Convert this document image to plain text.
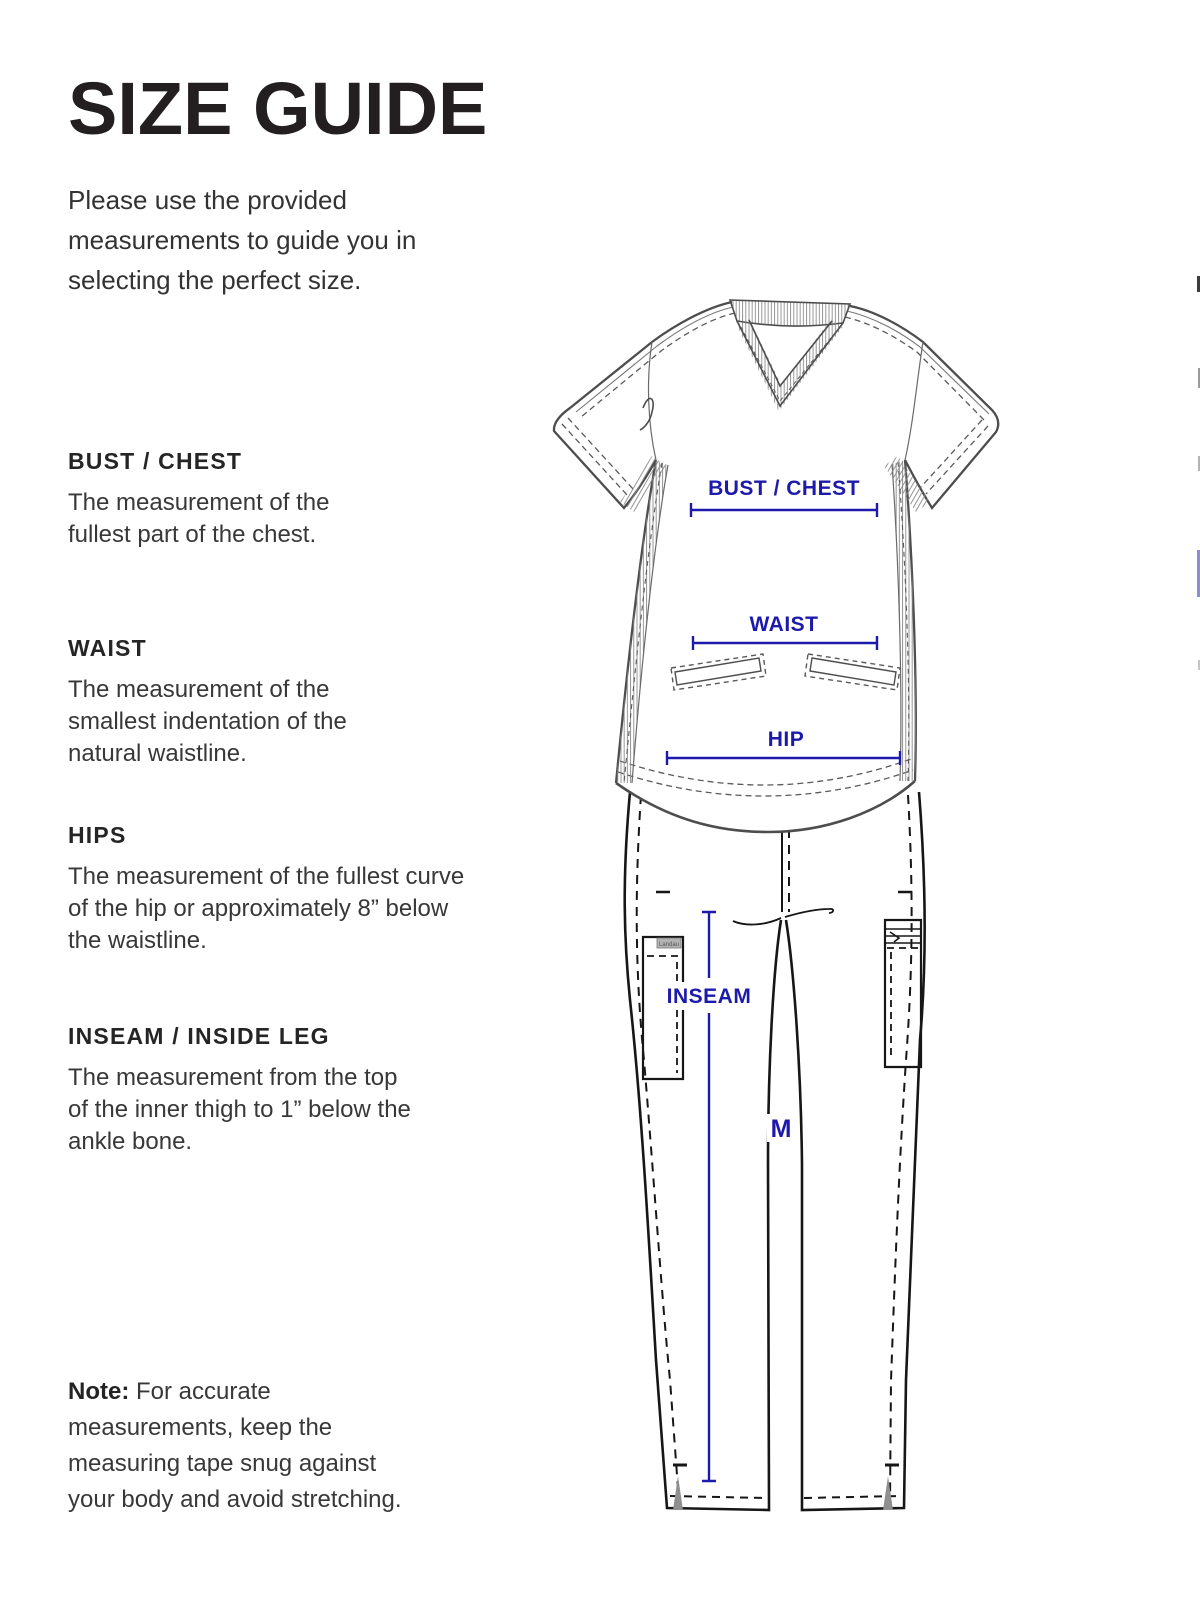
SIZE GUIDE
Please use the provided measurements to guide you in selecting the perfect size.

BUST / CHEST

The measurement of the fullest part of the chest.

WAIST

The measurement of the smallest indentation of the natural waistline.

HIPS

The measurement of the fullest curve of the hip or approximately 8” below the waistline.

INSEAM / INSIDE LEG

The measurement from the top of the inner thigh to 1” below the ankle bone.

Note: For accurate measurements, keep the measuring tape snug against your body and avoid stretching.
Landau
BUST / CHEST
WAIST
HIP
INSEAM
M
